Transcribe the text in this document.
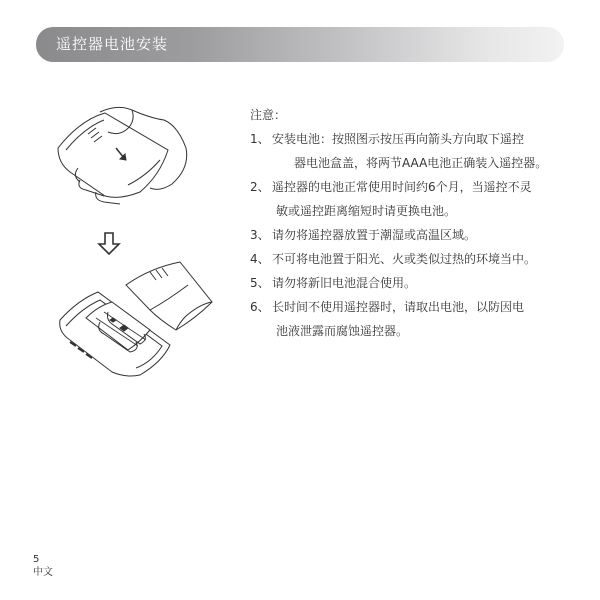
遥控器电池安装
注意：
1、 安装电池：按照图示按压再向箭头方向取下遥控
器电池盒盖，将两节AAA电池正确装入遥控器。
2、 遥控器的电池正常使用时间约6个月，当遥控不灵
敏或遥控距离缩短时请更换电池。
3、 请勿将遥控器放置于潮湿或高温区域。
4、 不可将电池置于阳光、火或类似过热的环境当中。
5、 请勿将新旧电池混合使用。
6、 长时间不使用遥控器时，请取出电池，以防因电
池液泄露而腐蚀遥控器。
5
中文
